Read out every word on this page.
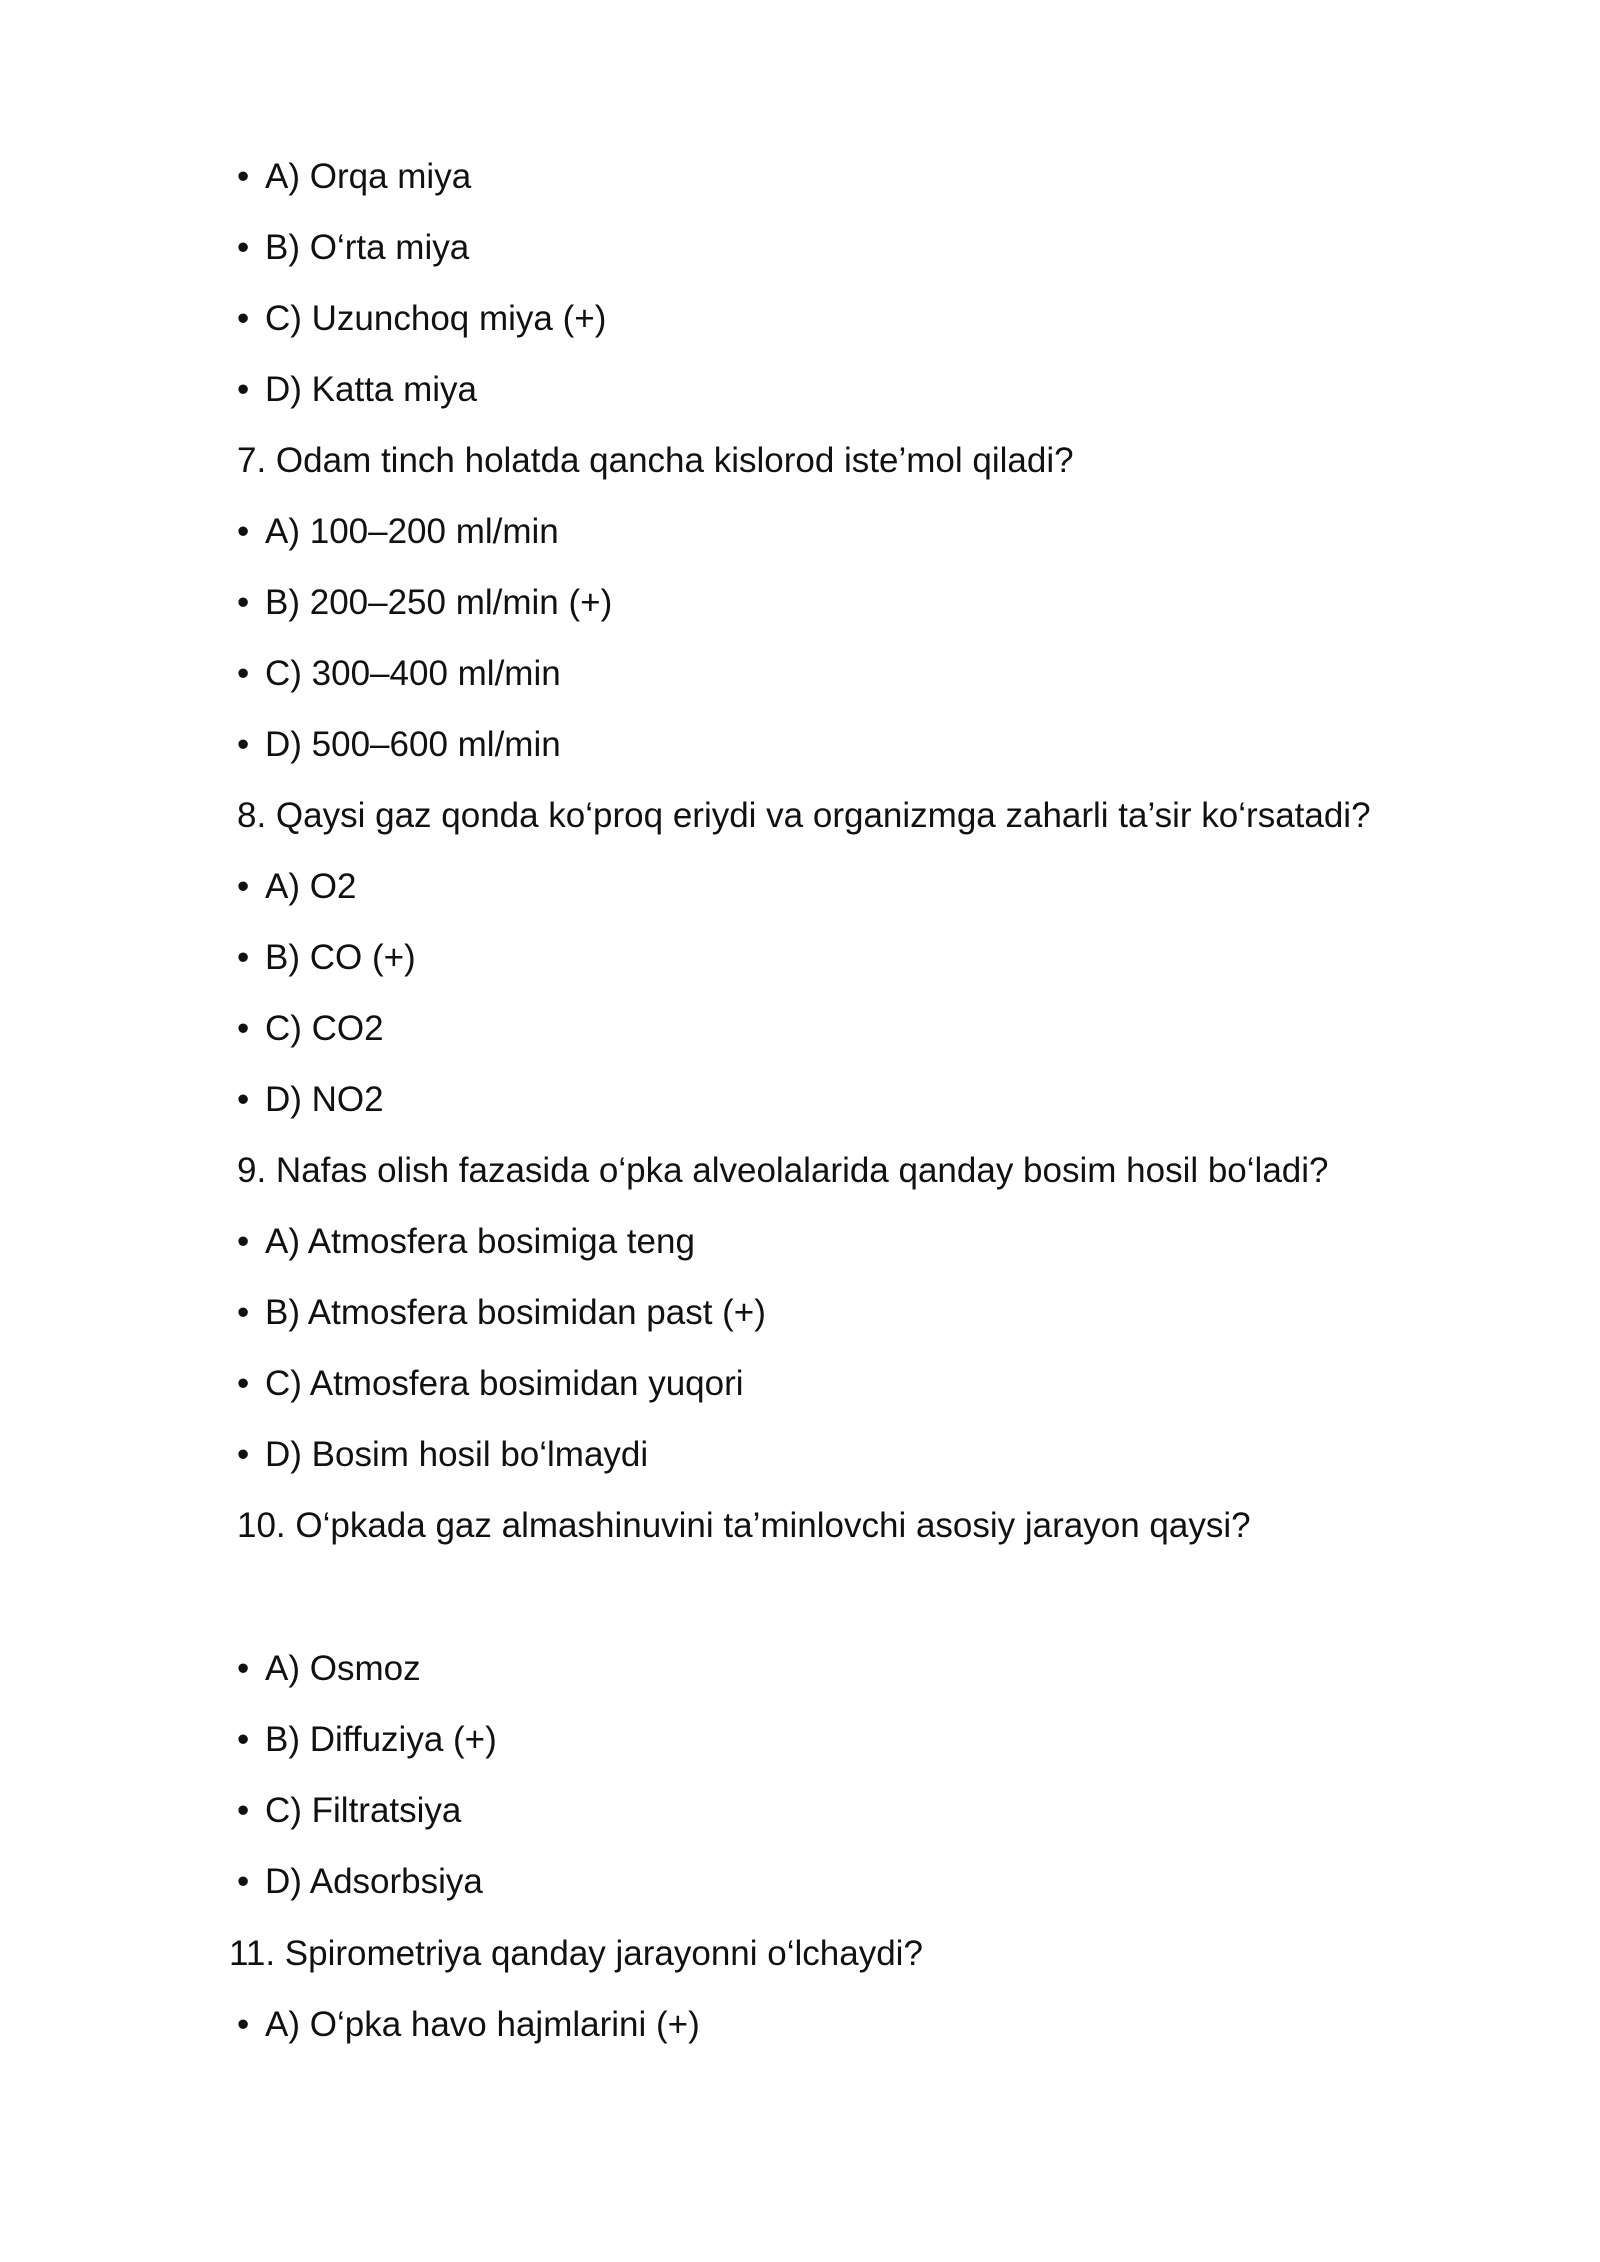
• A) Orqa miya
• B) O‘rta miya
• C) Uzunchoq miya (+)
• D) Katta miya
7. Odam tinch holatda qancha kislorod iste’mol qiladi?
• A) 100–200 ml/min
• B) 200–250 ml/min (+)
• C) 300–400 ml/min
• D) 500–600 ml/min
8. Qaysi gaz qonda ko‘proq eriydi va organizmga zaharli ta’sir ko‘rsatadi?
• A) O2
• B) CO (+)
• C) CO2
• D) NO2
9. Nafas olish fazasida o‘pka alveolalarida qanday bosim hosil bo‘ladi?
• A) Atmosfera bosimiga teng
• B) Atmosfera bosimidan past (+)
• C) Atmosfera bosimidan yuqori
• D) Bosim hosil bo‘lmaydi
10. O‘pkada gaz almashinuvini ta’minlovchi asosiy jarayon qaysi?
• A) Osmoz
• B) Diffuziya (+)
• C) Filtratsiya
• D) Adsorbsiya
11. Spirometriya qanday jarayonni o‘lchaydi?
• A) O‘pka havo hajmlarini (+)
